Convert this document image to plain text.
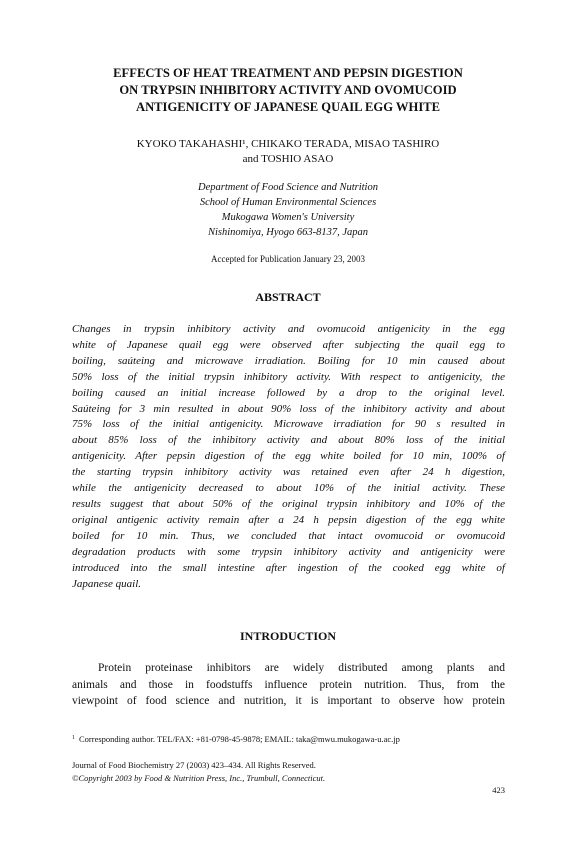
EFFECTS OF HEAT TREATMENT AND PEPSIN DIGESTION
ON TRYPSIN INHIBITORY ACTIVITY AND OVOMUCOID
ANTIGENICITY OF JAPANESE QUAIL EGG WHITE
KYOKO TAKAHASHI¹, CHIKAKO TERADA, MISAO TASHIRO
and TOSHIO ASAO
Department of Food Science and Nutrition
School of Human Environmental Sciences
Mukogawa Women's University
Nishinomiya, Hyogo 663-8137, Japan
Accepted for Publication January 23, 2003
ABSTRACT
Changes in trypsin inhibitory activity and ovomucoid antigenicity in the egg
white of Japanese quail egg were observed after subjecting the quail egg to
boiling, saúteing and microwave irradiation. Boiling for 10 min caused about
50% loss of the initial trypsin inhibitory activity. With respect to antigenicity, the
boiling caused an initial increase followed by a drop to the original level.
Saúteing for 3 min resulted in about 90% loss of the inhibitory activity and about
75% loss of the initial antigenicity. Microwave irradiation for 90 s resulted in
about 85% loss of the inhibitory activity and about 80% loss of the initial
antigenicity. After pepsin digestion of the egg white boiled for 10 min, 100% of
the starting trypsin inhibitory activity was retained even after 24 h digestion,
while the antigenicity decreased to about 10% of the initial activity. These
results suggest that about 50% of the original trypsin inhibitory and 10% of the
original antigenic activity remain after a 24 h pepsin digestion of the egg white
boiled for 10 min. Thus, we concluded that intact ovomucoid or ovomucoid
degradation products with some trypsin inhibitory activity and antigenicity were
introduced into the small intestine after ingestion of the cooked egg white of
Japanese quail.
INTRODUCTION
Protein proteinase inhibitors are widely distributed among plants and
animals and those in foodstuffs influence protein nutrition. Thus, from the
viewpoint of food science and nutrition, it is important to observe how protein
$^1$ Corresponding author. TEL/FAX: +81-0798-45-9878; EMAIL: taka@mwu.mukogawa-u.ac.jp
Journal of Food Biochemistry 27 (2003) 423–434. All Rights Reserved.
©Copyright 2003 by Food & Nutrition Press, Inc., Trumbull, Connecticut.
423
